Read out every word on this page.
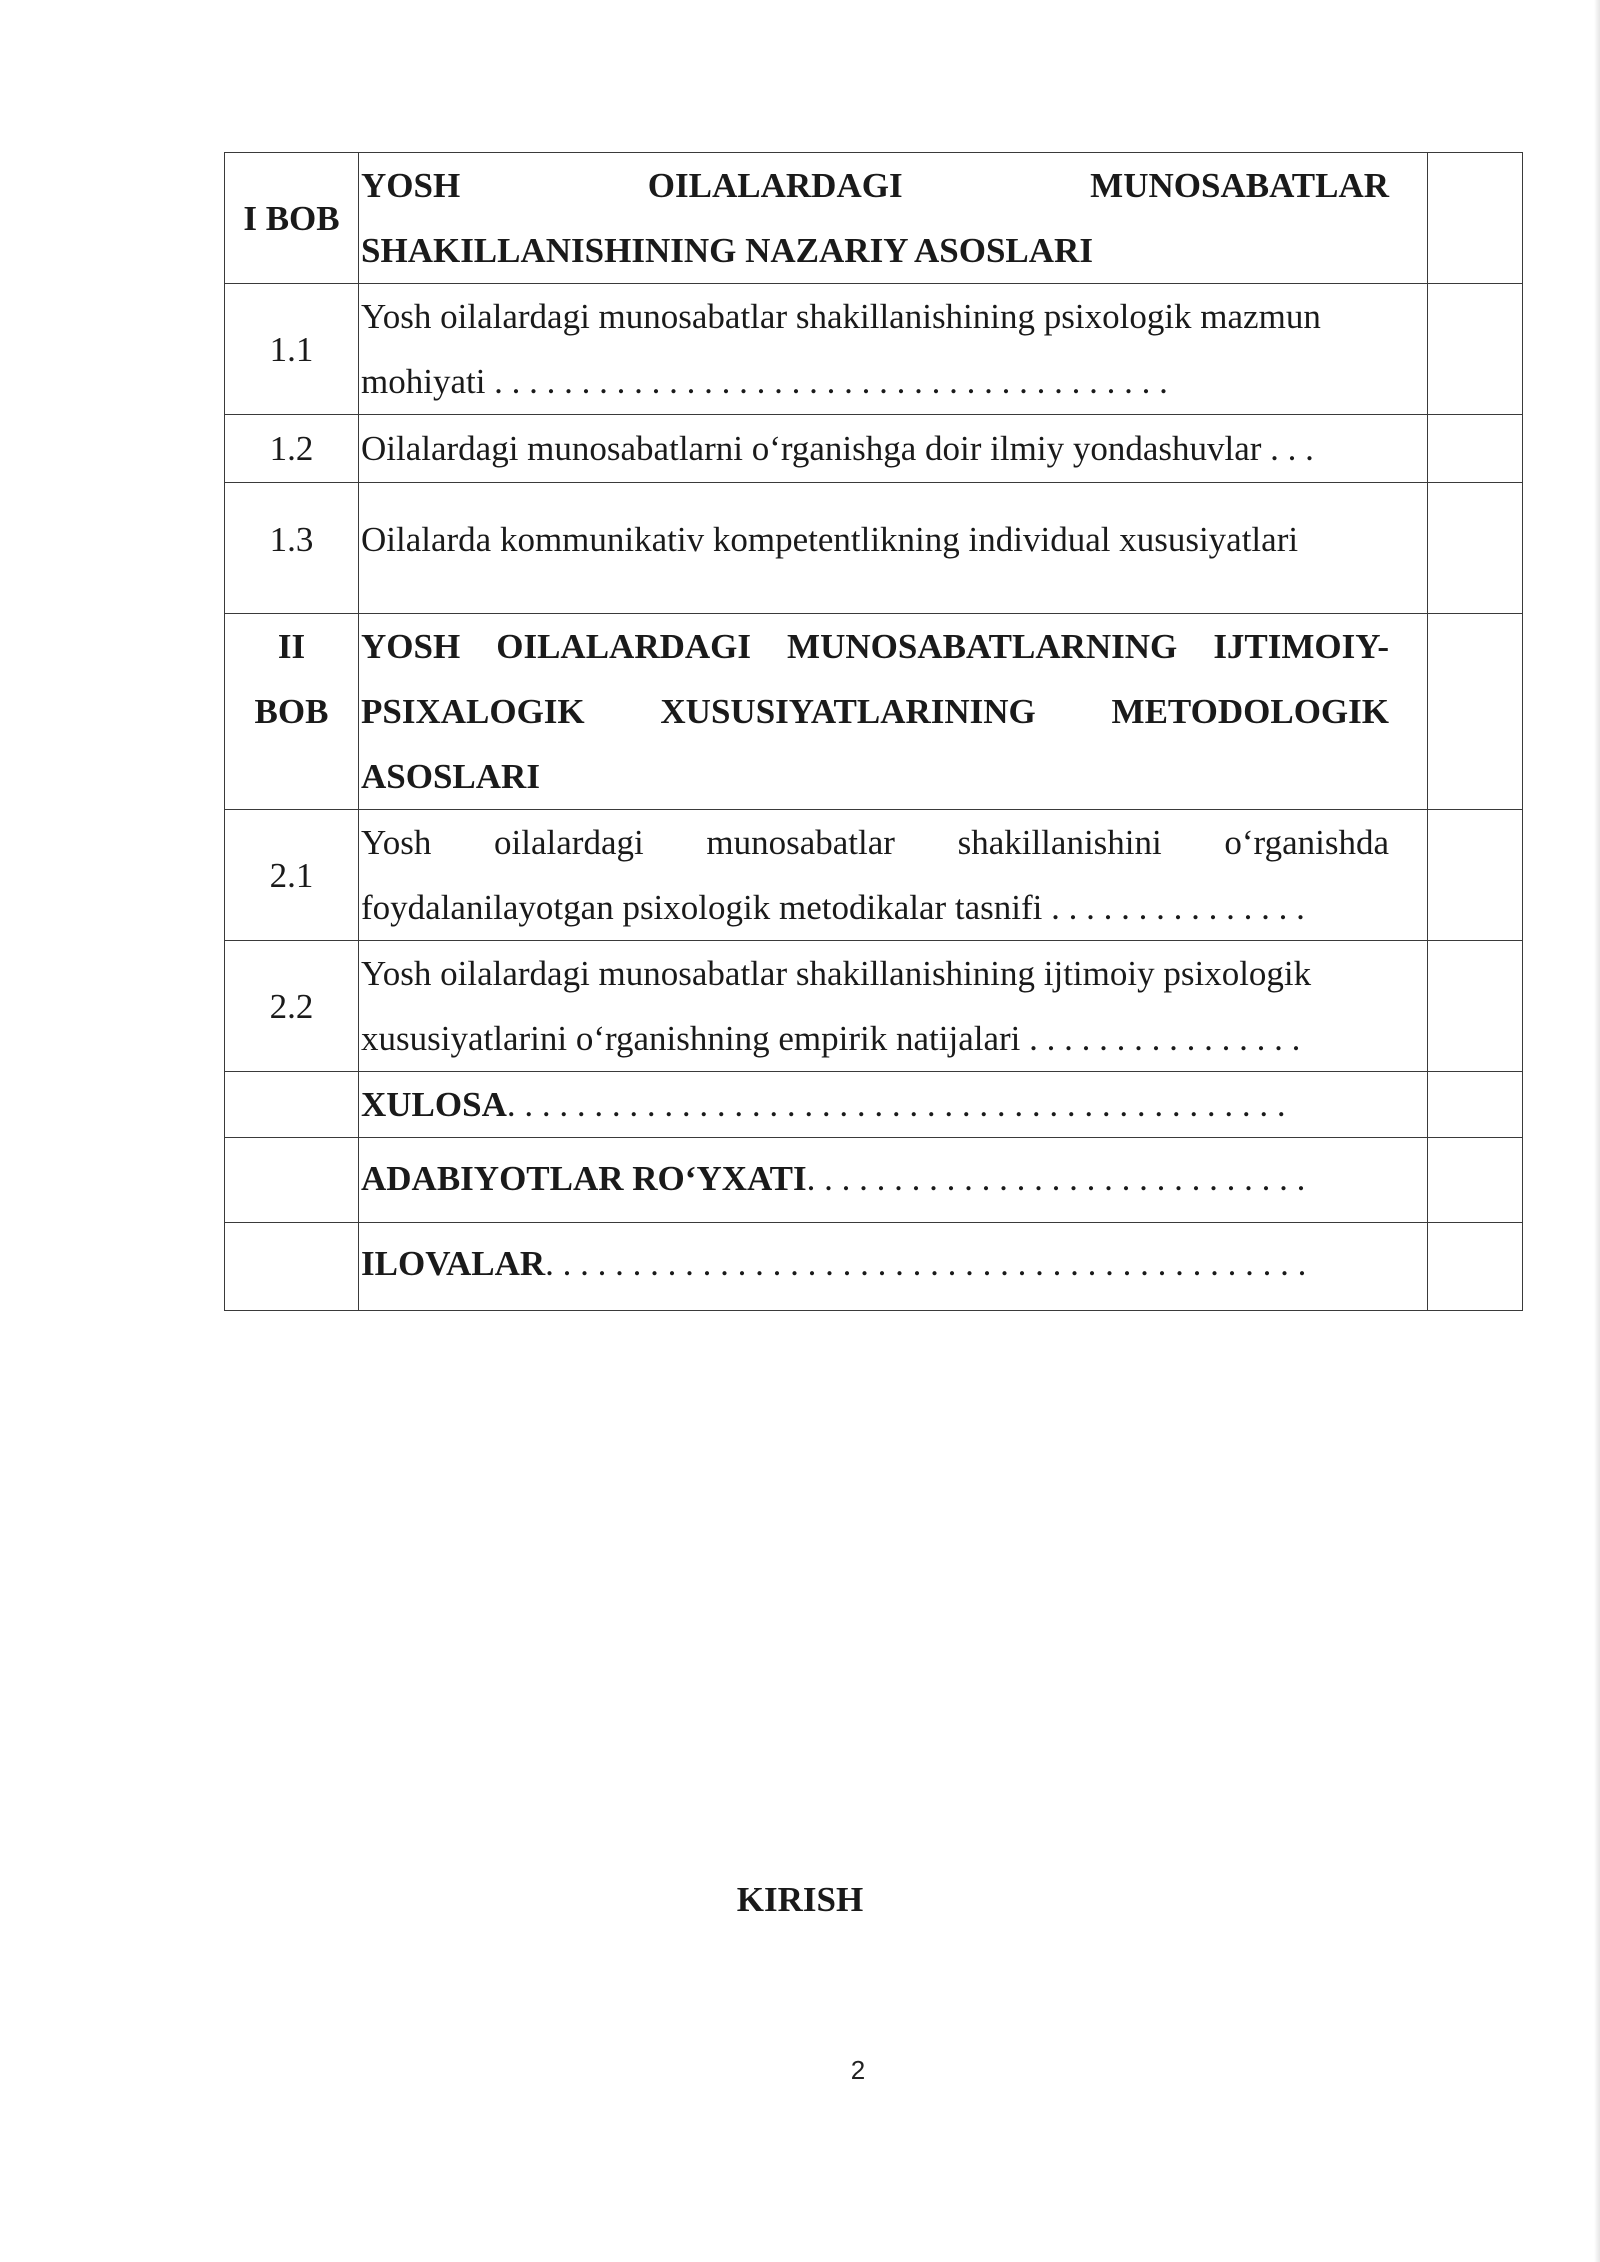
I BOB	YOSH OILALARDAGI MUNOSABATLAR
SHAKILLANISHINING NAZARIY ASOSLARI	

1.1	Yosh oilalardagi munosabatlar shakillanishining psixologik mazmun
mohiyati . . . . . . . . . . . . . . . . . . . . . . . . . . . . . . . . . . . . . . .	

1.2	Oilalardagi munosabatlarni o‘rganishga doir ilmiy yondashuvlar . . .	
1.3	Oilalarda kommunikativ kompetentlikning individual xususiyatlari	

II
BOB	YOSH OILALARDAGI MUNOSABATLARNING IJTIMOIY-
PSIXALOGIK XUSUSIYATLARINING METODOLOGIK
ASOSLARI	

2.1	Yosh oilalardagi munosabatlar shakillanishini o‘rganishda
foydalanilayotgan psixologik metodikalar tasnifi . . . . . . . . . . . . . . .	

2.2	Yosh oilalardagi munosabatlar shakillanishining ijtimoiy psixologik
xususiyatlarini o‘rganishning empirik natijalari . . . . . . . . . . . . . . . .	

	XULOSA. . . . . . . . . . . . . . . . . . . . . . . . . . . . . . . . . . . . . . . . . . . . .	
	ADABIYOTLAR RO‘YXATI. . . . . . . . . . . . . . . . . . . . . . . . . . . . .	
	ILOVALAR. . . . . . . . . . . . . . . . . . . . . . . . . . . . . . . . . . . . . . . . . . . .	
KIRISH
2
